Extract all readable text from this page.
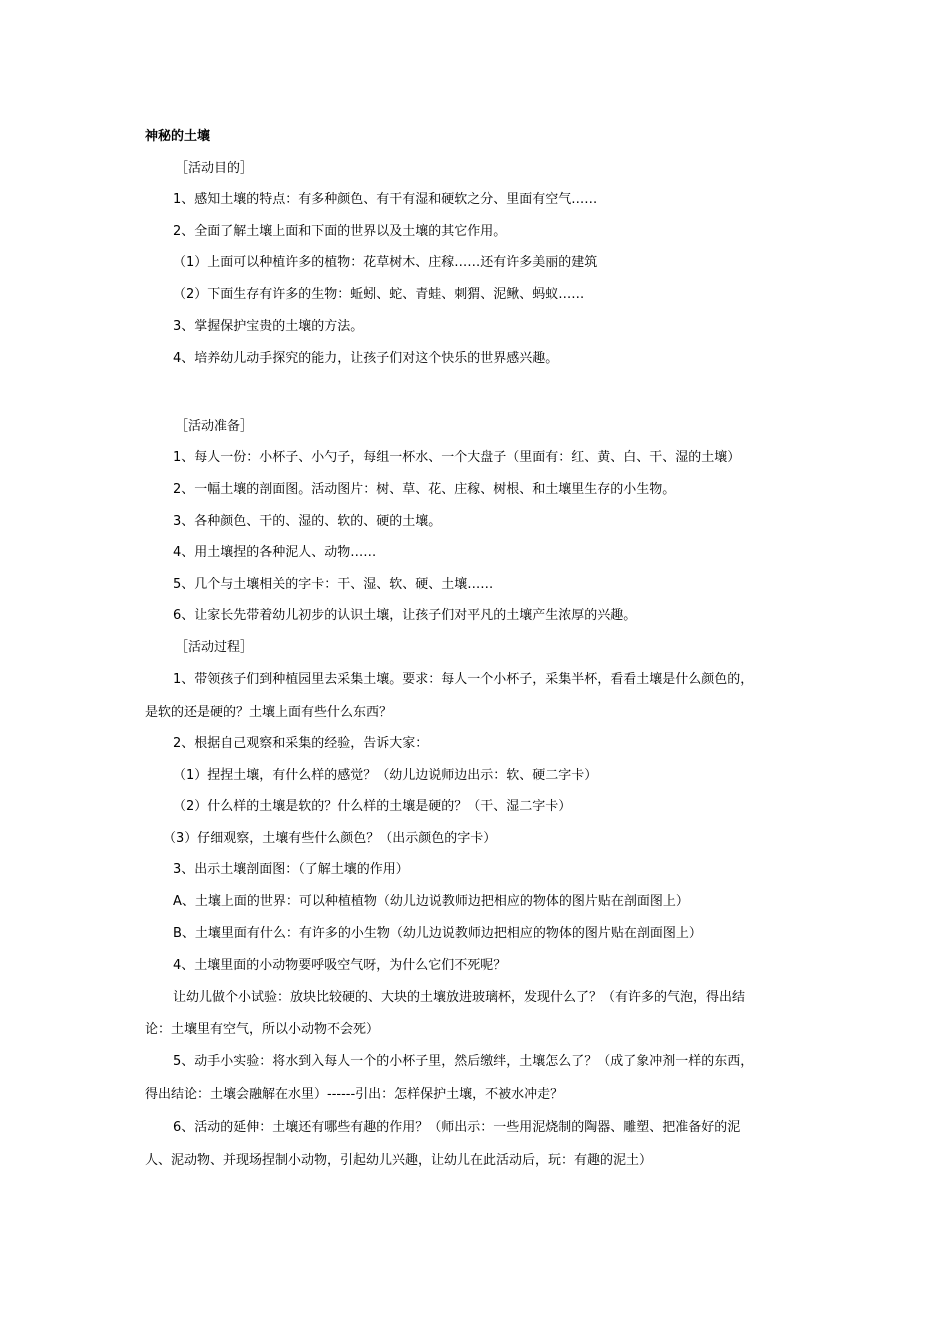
神秘的土壤
［活动目的］
1、感知土壤的特点：有多种颜色、有干有湿和硬软之分、里面有空气……
2、全面了解土壤上面和下面的世界以及土壤的其它作用。
（1）上面可以种植许多的植物：花草树木、庄稼……还有许多美丽的建筑
（2）下面生存有许多的生物：蚯蚓、蛇、青蛙、刺猬、泥鳅、蚂蚁……
3、掌握保护宝贵的土壤的方法。
4、培养幼儿动手探究的能力，让孩子们对这个快乐的世界感兴趣。
［活动准备］
1、每人一份：小杯子、小勺子，每组一杯水、一个大盘子（里面有：红、黄、白、干、湿的土壤）
2、一幅土壤的剖面图。活动图片：树、草、花、庄稼、树根、和土壤里生存的小生物。
3、各种颜色、干的、湿的、软的、硬的土壤。
4、用土壤捏的各种泥人、动物……
5、几个与土壤相关的字卡：干、湿、软、硬、土壤……
6、让家长先带着幼儿初步的认识土壤，让孩子们对平凡的土壤产生浓厚的兴趣。
［活动过程］
1、带领孩子们到种植园里去采集土壤。要求：每人一个小杯子，采集半杯，看看土壤是什么颜色的，
是软的还是硬的？土壤上面有些什么东西？
2、根据自己观察和采集的经验，告诉大家：
（1）捏捏土壤，有什么样的感觉？（幼儿边说师边出示：软、硬二字卡）
（2）什么样的土壤是软的？什么样的土壤是硬的？（干、湿二字卡）
（3）仔细观察，土壤有些什么颜色？（出示颜色的字卡）
3、出示土壤剖面图：（了解土壤的作用）
A、土壤上面的世界：可以种植植物（幼儿边说教师边把相应的物体的图片贴在剖面图上）
B、土壤里面有什么：有许多的小生物（幼儿边说教师边把相应的物体的图片贴在剖面图上）
4、土壤里面的小动物要呼吸空气呀，为什么它们不死呢？
让幼儿做个小试验：放块比较硬的、大块的土壤放进玻璃杯，发现什么了？（有许多的气泡，得出结
论：土壤里有空气，所以小动物不会死）
5、动手小实验：将水到入每人一个的小杯子里，然后缴绊，土壤怎么了？（成了象冲剂一样的东西，
得出结论：土壤会融解在水里）------引出：怎样保护土壤，不被水冲走？
6、活动的延伸：土壤还有哪些有趣的作用？（师出示：一些用泥烧制的陶器、雕塑、把准备好的泥
人、泥动物、并现场捏制小动物，引起幼儿兴趣，让幼儿在此活动后，玩：有趣的泥土）
